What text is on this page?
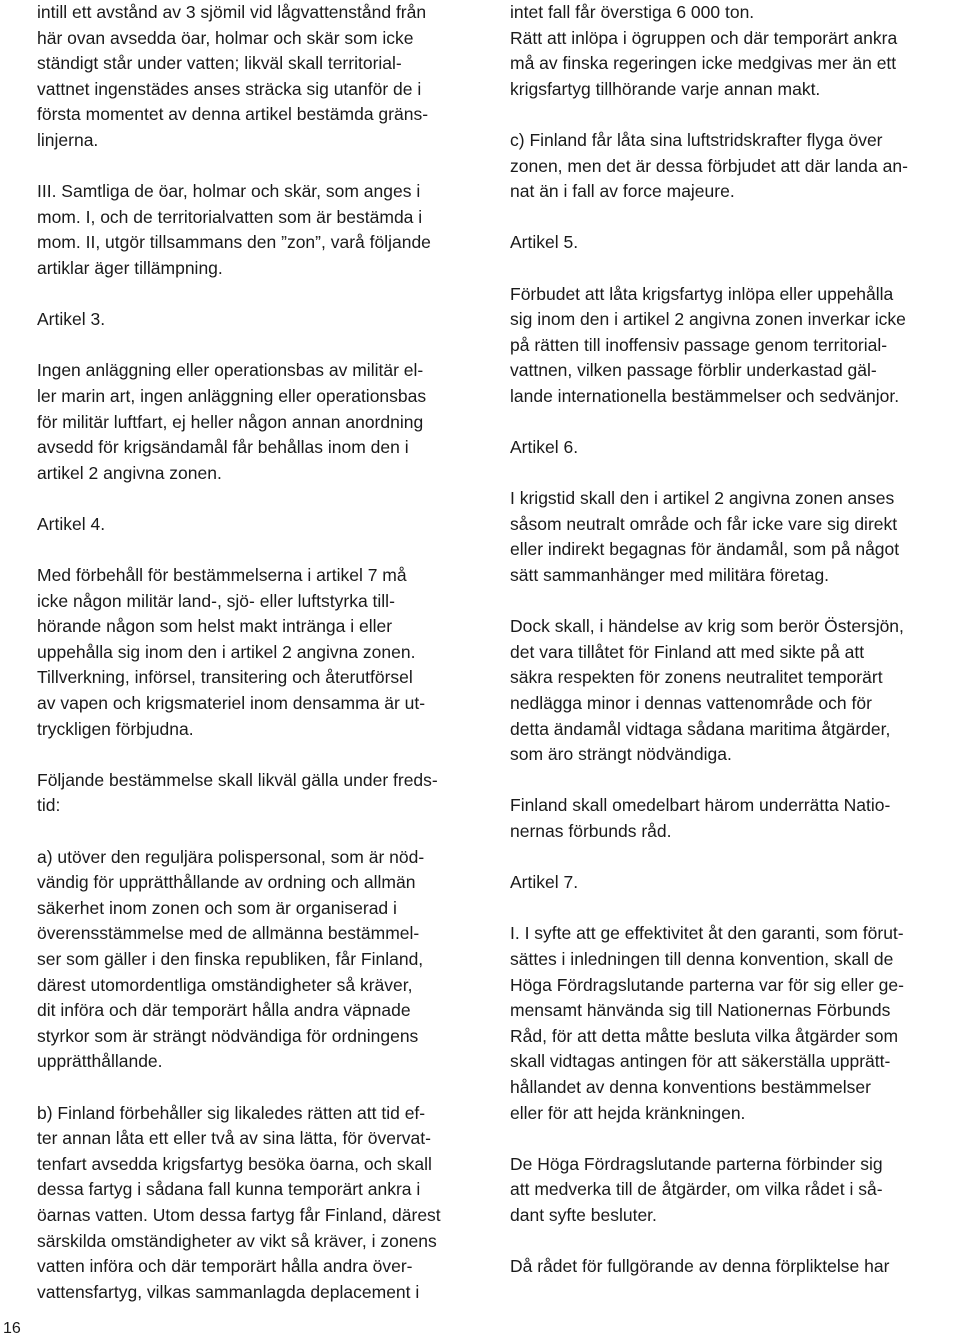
intill ett avstånd av 3 sjömil vid lågvattenstånd från
här ovan avsedda öar, holmar och skär som icke
ständigt står under vatten; likväl skall territorial-
vattnet ingenstädes anses sträcka sig utanför de i
första momentet av denna artikel bestämda gräns-
linjerna.

III. Samtliga de öar, holmar och skär, som anges i
mom. I, och de territorialvatten som är bestämda i
mom. II, utgör tillsammans den ”zon”, varå följande
artiklar äger tillämpning.

Artikel 3.

Ingen anläggning eller operationsbas av militär el-
ler marin art, ingen anläggning eller operationsbas
för militär luftfart, ej heller någon annan anordning
avsedd för krigsändamål får behållas inom den i
artikel 2 angivna zonen.

Artikel 4.

Med förbehåll för bestämmelserna i artikel 7 må
icke någon militär land-, sjö- eller luftstyrka till-
hörande någon som helst makt intränga i eller
uppehålla sig inom den i artikel 2 angivna zonen.
Tillverkning, införsel, transitering och återutförsel
av vapen och krigsmateriel inom densamma är ut-
tryckligen förbjudna.

Följande bestämmelse skall likväl gälla under freds-
tid:

a) utöver den reguljära polispersonal, som är nöd-
vändig för upprätthållande av ordning och allmän
säkerhet inom zonen och som är organiserad i
överensstämmelse med de allmänna bestämmel-
ser som gäller i den finska republiken, får Finland,
därest utomordentliga omständigheter så kräver,
dit införa och där temporärt hålla andra väpnade
styrkor som är strängt nödvändiga för ordningens
upprätthållande.

b) Finland förbehåller sig likaledes rätten att tid ef-
ter annan låta ett eller två av sina lätta, för övervat-
tenfart avsedda krigsfartyg besöka öarna, och skall
dessa fartyg i sådana fall kunna temporärt ankra i
öarnas vatten. Utom dessa fartyg får Finland, därest
särskilda omständigheter av vikt så kräver, i zonens
vatten införa och där temporärt hålla andra över-
vattensfartyg, vilkas sammanlagda deplacement i

intet fall får överstiga 6 000 ton.
Rätt att inlöpa i ögruppen och där temporärt ankra
må av finska regeringen icke medgivas mer än ett
krigsfartyg tillhörande varje annan makt.

c) Finland får låta sina luftstridskrafter flyga över
zonen, men det är dessa förbjudet att där landa an-
nat än i fall av force majeure.

Artikel 5.

Förbudet att låta krigsfartyg inlöpa eller uppehålla
sig inom den i artikel 2 angivna zonen inverkar icke
på rätten till inoffensiv passage genom territorial-
vattnen, vilken passage förblir underkastad gäl-
lande internationella bestämmelser och sedvänjor.

Artikel 6.

I krigstid skall den i artikel 2 angivna zonen anses
såsom neutralt område och får icke vare sig direkt
eller indirekt begagnas för ändamål, som på något
sätt sammanhänger med militära företag.

Dock skall, i händelse av krig som berör Östersjön,
det vara tillåtet för Finland att med sikte på att
säkra respekten för zonens neutralitet temporärt
nedlägga minor i dennas vattenområde och för
detta ändamål vidtaga sådana maritima åtgärder,
som äro strängt nödvändiga.

Finland skall omedelbart härom underrätta Natio-
nernas förbunds råd.

Artikel 7.

I. I syfte att ge effektivitet åt den garanti, som förut-
sättes i inledningen till denna konvention, skall de
Höga Fördragslutande parterna var för sig eller ge-
mensamt hänvända sig till Nationernas Förbunds
Råd, för att detta måtte besluta vilka åtgärder som
skall vidtagas antingen för att säkerställa upprätt-
hållandet av denna konventions bestämmelser
eller för att hejda kränkningen.

De Höga Fördragslutande parterna förbinder sig
att medverka till de åtgärder, om vilka rådet i så-
dant syfte besluter.

Då rådet för fullgörande av denna förpliktelse har

16
